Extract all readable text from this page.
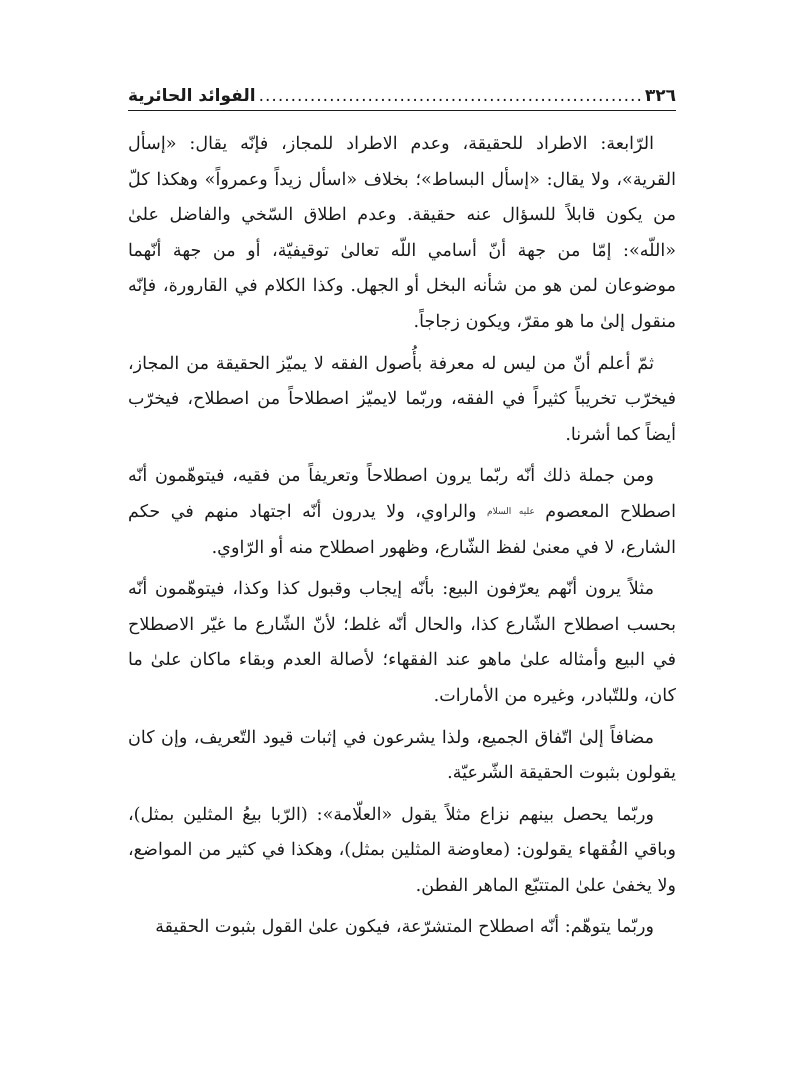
٣٢٦
.....
الفوائد الحائرية

الرّابعة: الاطراد للحقيقة، وعدم الاطراد للمجاز، فإنّه يقال: «إسأل القرية»، ولا يقال: «إسأل البساط»؛ بخلاف «اسأل زيداً وعمرواً» وهكذا كلّ من يكون قابلاً للسؤال عنه حقيقة. وعدم اطلاق السّخي والفاضل علىٰ «اللّه»: إمّا من جهة أنّ أسامي اللّه تعالىٰ توقيفيّة، أو من جهة أنّهما موضوعان لمن هو من شأنه البخل أو الجهل. وكذا الكلام في القارورة، فإنّه منقول إلىٰ ما هو مقرّ، ويكون زجاجاً.

ثمّ أعلم أنّ من ليس له معرفة بأُصول الفقه لا يميّز الحقيقة من المجاز، فيخرّب تخريباً كثيراً في الفقه، وربّما لايميّز اصطلاحاً من اصطلاح، فيخرّب أيضاً كما أشرنا.

ومن جملة ذلك أنّه ربّما يرون اصطلاحاً وتعريفاً من فقيه، فيتوهّمون أنّه اصطلاح المعصوم عليه السلام والراوي، ولا يدرون أنّه اجتهاد منهم في حكم الشارع، لا في معنىٰ لفظ الشّارع، وظهور اصطلاح منه أو الرّاوي.

مثلاً يرون أنّهم يعرّفون البيع: بأنّه إيجاب وقبول كذا وكذا، فيتوهّمون أنّه بحسب اصطلاح الشّارع كذا، والحال أنّه غلط؛ لأنّ الشّارع ما غيّر الاصطلاح في البيع وأمثاله علىٰ ماهو عند الفقهاء؛ لأصالة العدم وبقاء ماكان علىٰ ما كان، وللتّبادر، وغيره من الأمارات.

مضافاً إلىٰ اتّفاق الجميع، ولذا يشرعون في إثبات قيود التّعريف، وإن كان يقولون بثبوت الحقيقة الشّرعيّة.

وربّما يحصل بينهم نزاع مثلاً يقول «العلّامة»: (الرّبا بيعُ المثلين بمثل)، وباقي الفُقهاء يقولون: (معاوضة المثلين بمثل)، وهكذا في كثير من المواضع، ولا يخفىٰ علىٰ المتتبّع الماهر الفطن.

وربّما يتوهّم: أنّه اصطلاح المتشرّعة، فيكون علىٰ القول بثبوت الحقيقة
